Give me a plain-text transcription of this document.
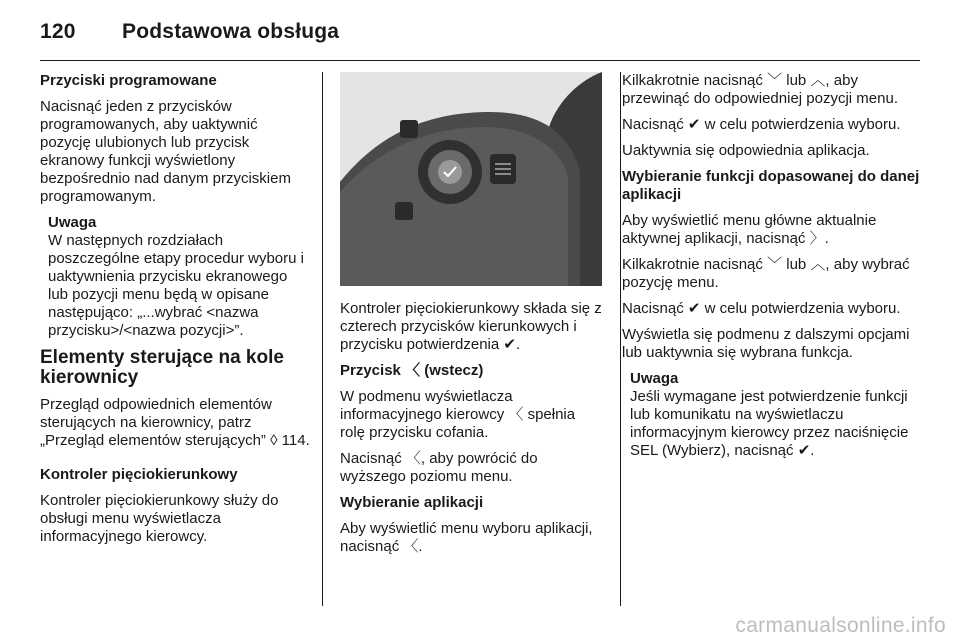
120 Podstawowa obsługa

Przyciski programowane

Nacisnąć jeden z przycisków programowanych, aby uaktywnić pozycję ulubionych lub przycisk ekranowy funkcji wyświetlony bezpośrednio nad danym przyciskiem programowanym.

Uwaga
W następnych rozdziałach poszczególne etapy procedur wyboru i uaktywnienia przycisku ekranowego lub pozycji menu będą w opisane następująco: „...wybrać <nazwa przycisku>/<nazwa pozycji>”.

Elementy sterujące na kole kierownicy

Przegląd odpowiednich elementów sterujących na kierownicy, patrz „Przegląd elementów sterujących” ◊ 114.

Kontroler pięciokierunkowy

Kontroler pięciokierunkowy służy do obsługi menu wyświetlacza informacyjnego kierowcy.

Kontroler pięciokierunkowy składa się z czterech przycisków kierunkowych i przycisku potwierdzenia ✔.

Przycisk 〈 (wstecz)

W podmenu wyświetlacza informacyjnego kierowcy 〈 spełnia rolę przycisku cofania.

Nacisnąć 〈, aby powrócić do wyższego poziomu menu.

Wybieranie aplikacji

Aby wyświetlić menu wyboru aplikacji, nacisnąć 〈.

Kilkakrotnie nacisnąć ﹀ lub ︿, aby przewinąć do odpowiedniej pozycji menu.

Nacisnąć ✔ w celu potwierdzenia wyboru.

Uaktywnia się odpowiednia aplikacja.

Wybieranie funkcji dopasowanej do danej aplikacji

Aby wyświetlić menu główne aktualnie aktywnej aplikacji, nacisnąć 〉.

Kilkakrotnie nacisnąć ﹀ lub ︿, aby wybrać pozycję menu.

Nacisnąć ✔ w celu potwierdzenia wyboru.

Wyświetla się podmenu z dalszymi opcjami lub uaktywnia się wybrana funkcja.

Uwaga
Jeśli wymagane jest potwierdzenie funkcji lub komunikatu na wyświetlaczu informacyjnym kierowcy przez naciśnięcie SEL (Wybierz), nacisnąć ✔.
carmanualsonline.info
